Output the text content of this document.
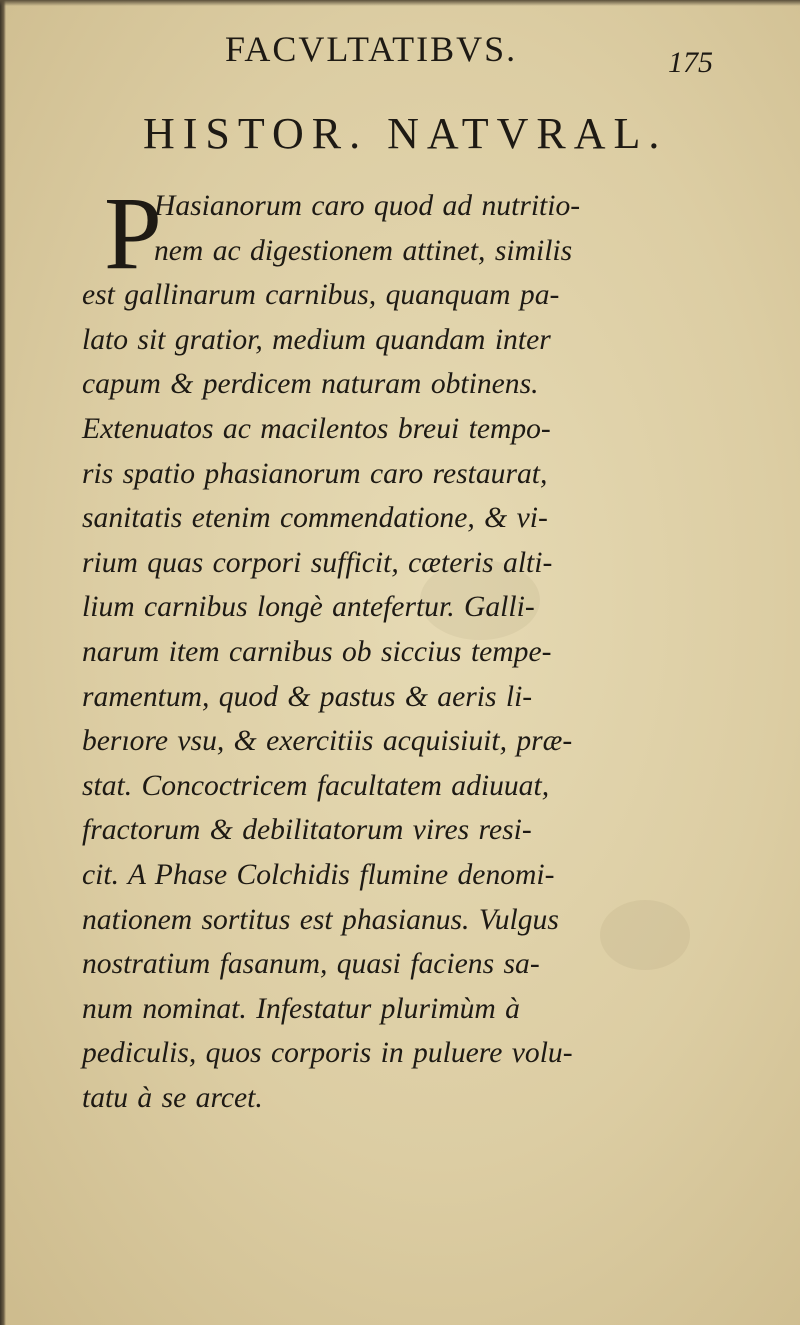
FACVLTATIBVS.	175
HISTOR. NATVRAL.
P
Hasianorum caro quod ad nutritio-
nem ac digestionem attinet, similis
est gallinarum carnibus, quanquam pa-
lato sit gratior, medium quandam inter
capum & perdicem naturam obtinens.
Extenuatos ac macilentos breui tempo-
ris spatio phasianorum caro restaurat,
sanitatis etenim commendatione, & vi-
rium quas corpori sufficit, cæteris alti-
lium carnibus longè antefertur. Galli-
narum item carnibus ob siccius tempe-
ramentum, quod & pastus & aeris li-
berıore vsu, & exercitiis acquisiuit, præ-
stat. Concoctricem facultatem adiuuat,
fractorum & debilitatorum vires resi-
cit. A Phase Colchidis flumine denomi-
nationem sortitus est phasianus. Vulgus
nostratium fasanum, quasi faciens sa-
num nominat. Infestatur plurimùm à
pediculis, quos corporis in puluere volu-
tatu à se arcet.
